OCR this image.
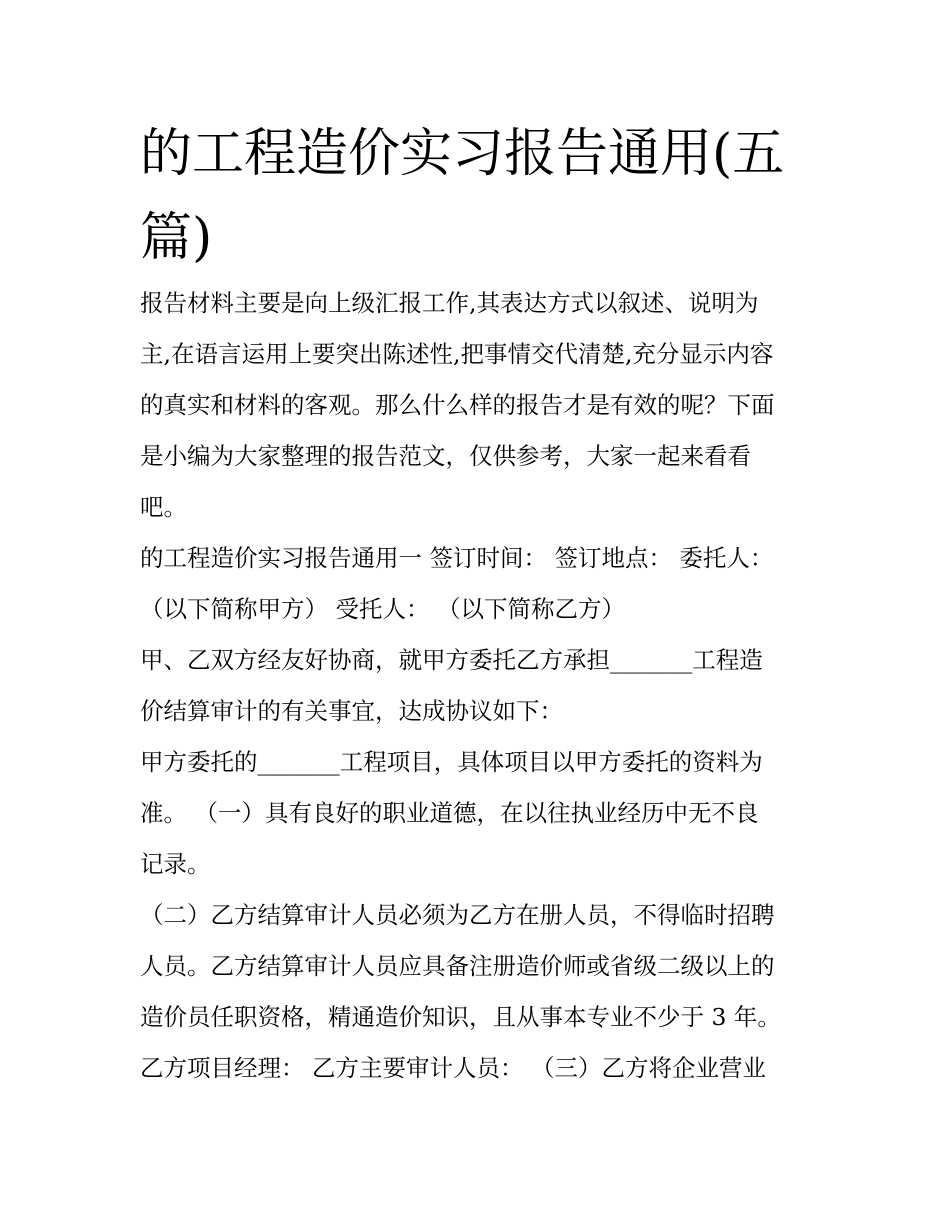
的工程造价实习报告通用(五
篇)
报告材料主要是向上级汇报工作,其表达方式以叙述、说明为
主,在语言运用上要突出陈述性,把事情交代清楚,充分显示内容
的真实和材料的客观。那么什么样的报告才是有效的呢？下面
是小编为大家整理的报告范文，仅供参考，大家一起来看看
吧。
的工程造价实习报告通用一 签订时间： 签订地点： 委托人：
（以下简称甲方） 受托人： （以下简称乙方）
甲、乙双方经友好协商，就甲方委托乙方承担_______工程造
价结算审计的有关事宜，达成协议如下：
甲方委托的_______工程项目，具体项目以甲方委托的资料为
准。 （一）具有良好的职业道德，在以往执业经历中无不良
记录。
（二）乙方结算审计人员必须为乙方在册人员，不得临时招聘
人员。乙方结算审计人员应具备注册造价师或省级二级以上的
造价员任职资格，精通造价知识，且从事本专业不少于 3 年。
乙方项目经理： 乙方主要审计人员： （三）乙方将企业营业
